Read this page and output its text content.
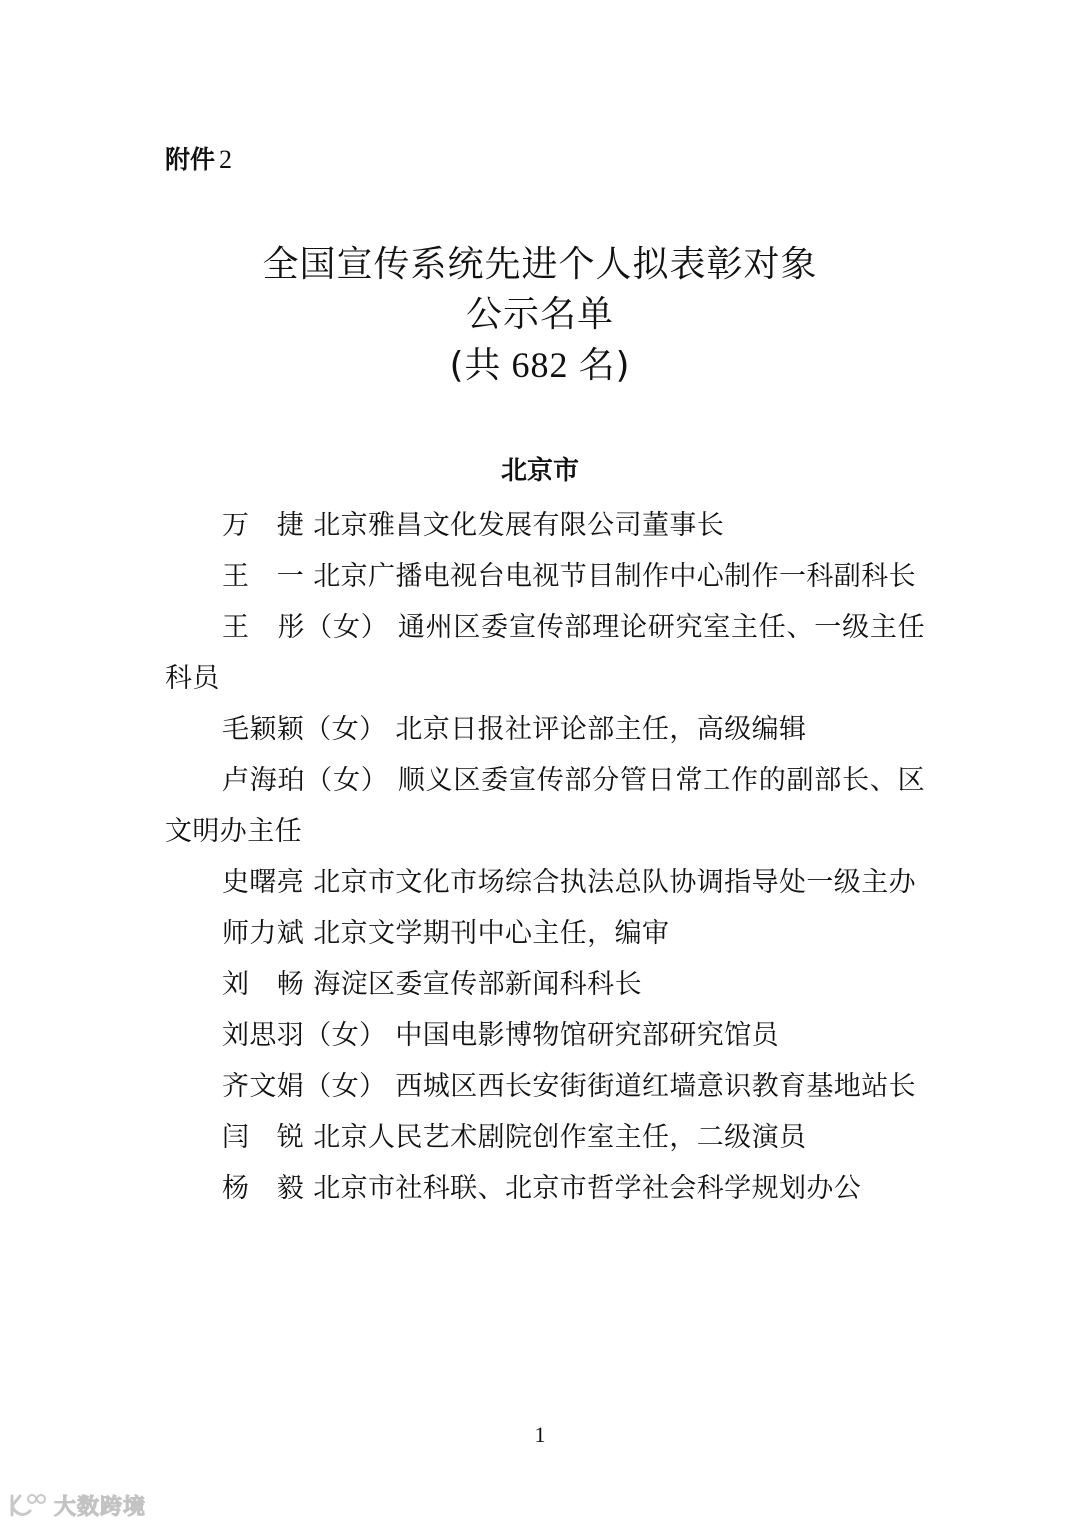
附件 2
全国宣传系统先进个人拟表彰对象
公示名单
(共 682 名)
北京市
万　捷 北京雅昌文化发展有限公司董事长
王　一 北京广播电视台电视节目制作中心制作一科副科长
王　彤（女） 通州区委宣传部理论研究室主任、一级主任科员
毛颖颖（女） 北京日报社评论部主任，高级编辑
卢海珀（女） 顺义区委宣传部分管日常工作的副部长、区文明办主任
史曙亮 北京市文化市场综合执法总队协调指导处一级主办
师力斌 北京文学期刊中心主任，编审
刘　畅 海淀区委宣传部新闻科科长
刘思羽（女） 中国电影博物馆研究部研究馆员
齐文娟（女） 西城区西长安街街道红墙意识教育基地站长
闫　锐 北京人民艺术剧院创作室主任，二级演员
杨　毅 北京市社科联、北京市哲学社会科学规划办公
1
大数跨境
